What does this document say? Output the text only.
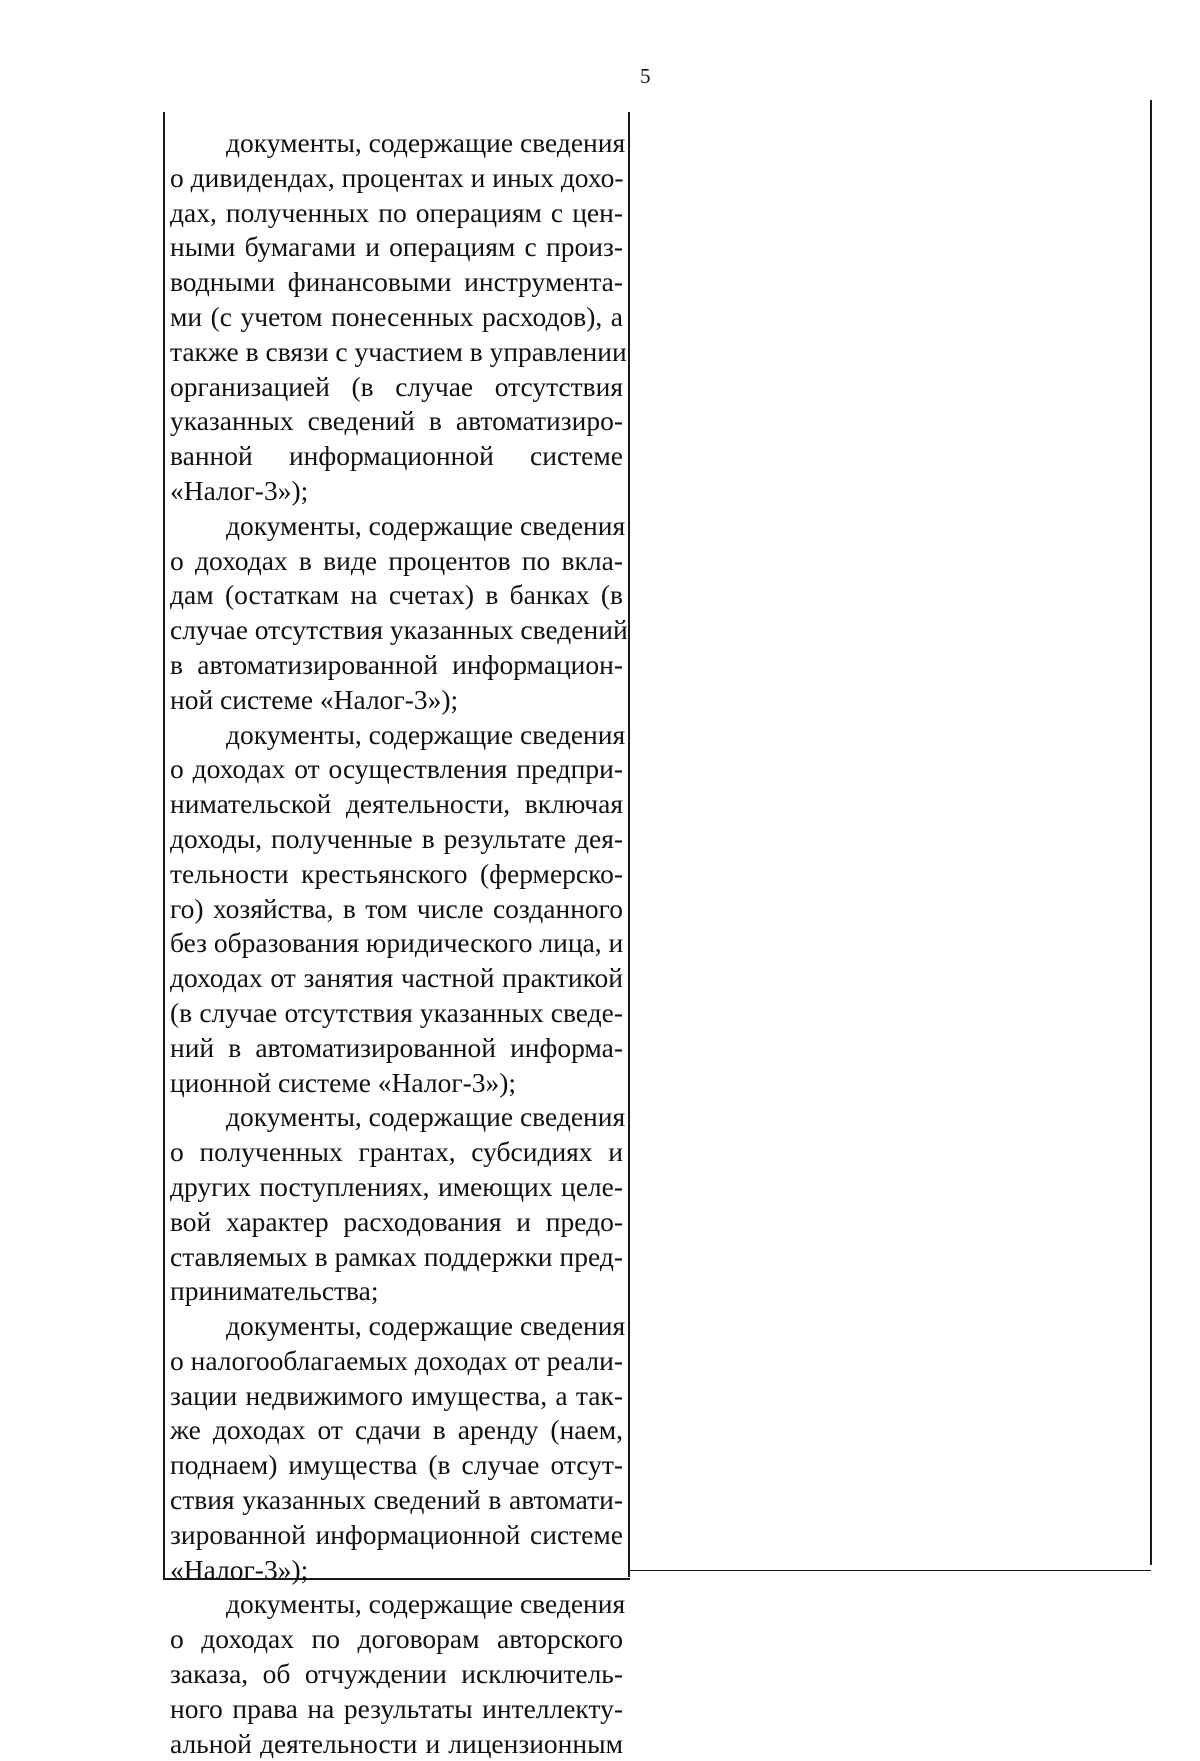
5
документы, содержащие сведения
о дивидендах, процентах и иных дохо-
дах, полученных по операциям с цен-
ными бумагами и операциям с произ-
водными финансовыми инструмента-
ми (с учетом понесенных расходов), а
также в связи с участием в управлении
организацией (в случае отсутствия
указанных сведений в автоматизиро-
ванной информационной системе
«Налог-3»);
документы, содержащие сведения
о доходах в виде процентов по вкла-
дам (остаткам на счетах) в банках (в
случае отсутствия указанных сведений
в автоматизированной информацион-
ной системе «Налог-3»);
документы, содержащие сведения
о доходах от осуществления предпри-
нимательской деятельности, включая
доходы, полученные в результате дея-
тельности крестьянского (фермерско-
го) хозяйства, в том числе созданного
без образования юридического лица, и
доходах от занятия частной практикой
(в случае отсутствия указанных сведе-
ний в автоматизированной информа-
ционной системе «Налог-3»);
документы, содержащие сведения
о полученных грантах, субсидиях и
других поступлениях, имеющих целе-
вой характер расходования и предо-
ставляемых в рамках поддержки пред-
принимательства;
документы, содержащие сведения
о налогооблагаемых доходах от реали-
зации недвижимого имущества, а так-
же доходах от сдачи в аренду (наем,
поднаем) имущества (в случае отсут-
ствия указанных сведений в автомати-
зированной информационной системе
«Налог-3»);
документы, содержащие сведения
о доходах по договорам авторского
заказа, об отчуждении исключитель-
ного права на результаты интеллекту-
альной деятельности и лицензионным
